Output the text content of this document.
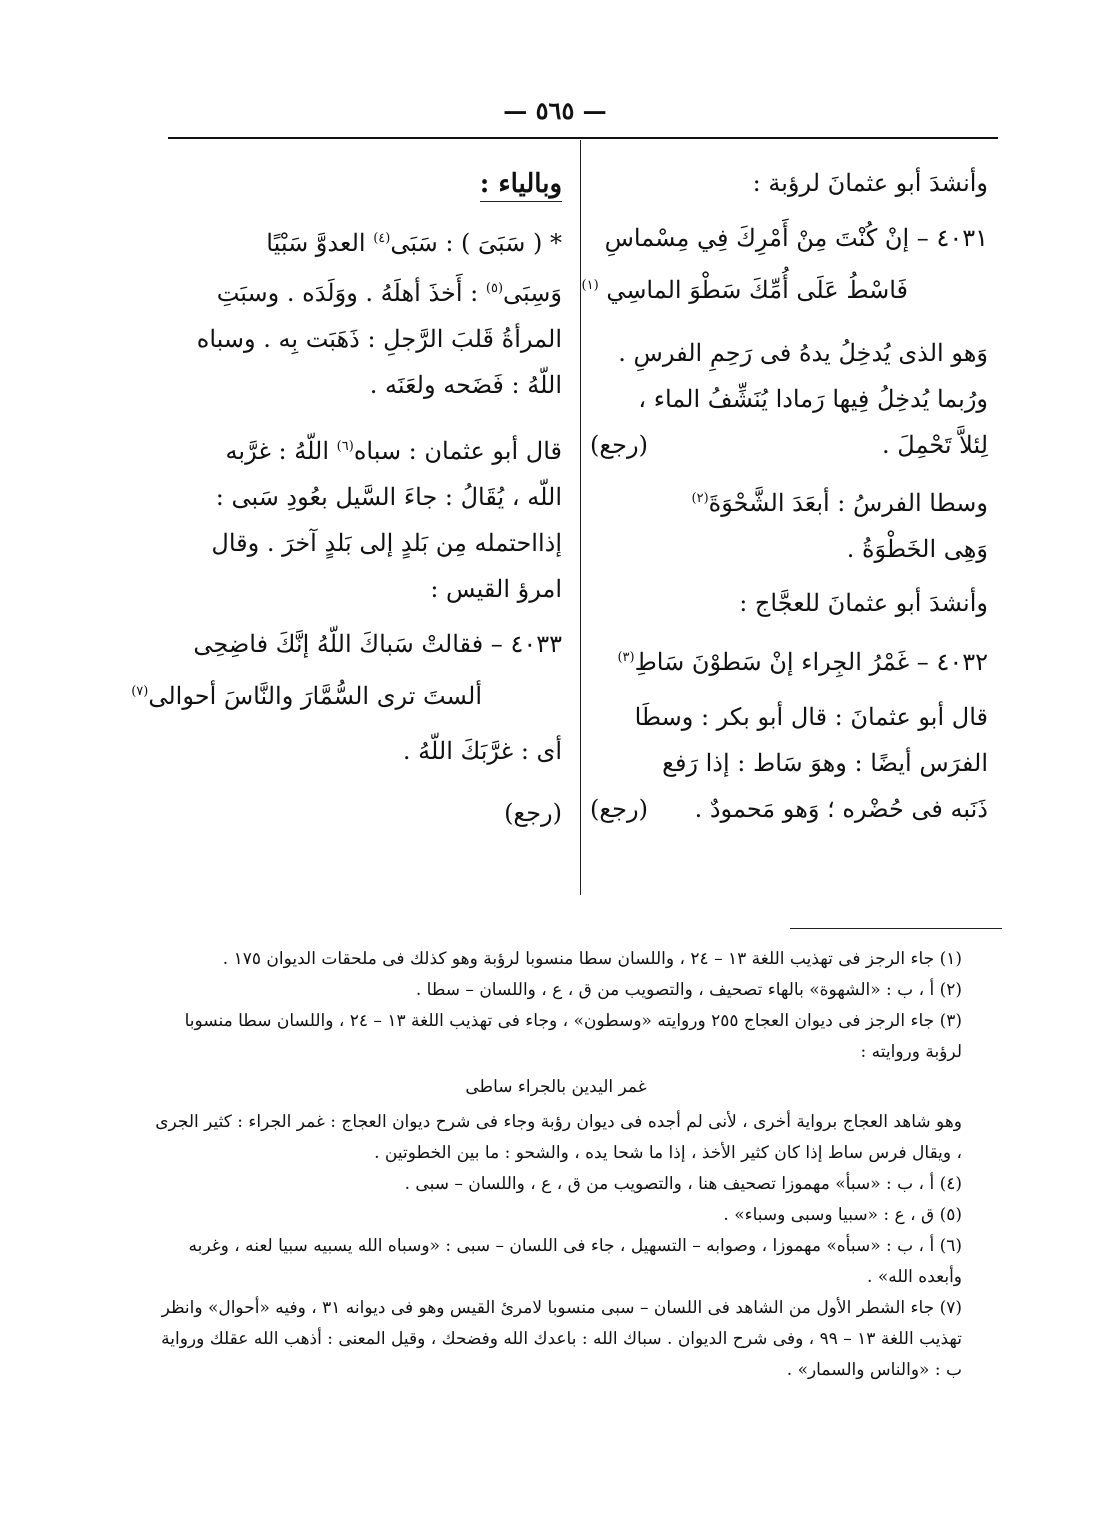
— ٥٦٥ —
وأنشدَ أبو عثمانَ لرؤبة :
٤٠٣١ – إنْ كُنْتَ مِنْ أَمْرِكَ فِي مِسْماسِ
فَاسْطُ عَلَى أُمِّكَ سَطْوَ الماسِي $^{(١)}$
وَهو الذى يُدخِلُ يدهُ فى رَحِمِ الفرسِ .
ورُبما يُدخِلُ فِيها رَمادا يُنَشِّفُ الماء ،
لِئلاَّ تَحْمِلَ .
(رجع)
وسطا الفرسُ : أبعَدَ الشَّحْوَةَ$^{(٢)}$
وَهِى الخَطْوَةُ .
وأنشدَ أبو عثمانَ للعجَّاج :
٤٠٣٢ – غَمْرُ الجِراء إنْ سَطوْنَ سَاطِ$^{(٣)}$
قال أبو عثمانَ : قال أبو بكر : وسطَا
الفرَس أيضًا : وهوَ سَاط : إذا رَفع
ذَنَبه فى حُضْره ؛ وَهو مَحمودٌ .
(رجع)
وبالياء :
* ( سَبَىَ ) : سَبَى$^{(٤)}$ العدوَّ سَبْيًا
وَسِبَى$^{(٥)}$ : أَخذَ أهلَهُ . ووَلَدَه . وسبَتِ
المرأةُ قَلبَ الرَّجلِ : ذَهَبَت بِه . وسباه
اللّهُ : فَضَحه ولعَنَه .
قال أبو عثمان : سباه$^{(٦)}$ اللّهُ : غرَّبه
اللّه ، يُقَالُ : جاءَ السَّيل بعُودِ سَبى :
إذااحتمله مِن بَلدٍ إلى بَلدٍ آخرَ . وقال
امرؤ القيس :
٤٠٣٣ – فقالتْ سَباكَ اللّهُ إنَّكَ فاضِحِى
ألستَ ترى السُّمَّارَ والنَّاسَ أحوالى$^{(٧)}$
أى : غرَّبَكَ اللّهُ .
(رجع)
(١) جاء الرجز فى تهذيب اللغة ١٣ – ٢٤ ، واللسان سطا منسوبا لرؤبة وهو كذلك فى ملحقات الديوان ١٧٥ .
(٢) أ ، ب : «الشهوة» بالهاء تصحيف ، والتصويب من ق ، ع ، واللسان – سطا .
(٣) جاء الرجز فى ديوان العجاج ٢٥٥ وروايته «وسطون» ، وجاء فى تهذيب اللغة ١٣ – ٢٤ ، واللسان سطا منسوبا لرؤبة وروايته :
غمر اليدين بالجراء ساطى
وهو شاهد العجاج برواية أخرى ، لأنى لم أجده فى ديوان رؤبة وجاء فى شرح ديوان العجاج : غمر الجراء : كثير الجرى ، ويقال فرس ساط إذا كان كثير الأخذ ، إذا ما شحا يده ، والشحو : ما بين الخطوتين .
(٤) أ ، ب : «سبأ» مهموزا تصحيف هنا ، والتصويب من ق ، ع ، واللسان – سبى .
(٥) ق ، ع : «سبيا وسبى وسباء» .
(٦) أ ، ب : «سبأه» مهموزا ، وصوابه – التسهيل ، جاء فى اللسان – سبى : «وسباه الله يسبيه سبيا لعنه ، وغربه وأبعده الله» .
(٧) جاء الشطر الأول من الشاهد فى اللسان – سبى منسوبا لامرئ القيس وهو فى ديوانه ٣١ ، وفيه «أحوال» وانظر تهذيب اللغة ١٣ – ٩٩ ، وفى شرح الديوان . سباك الله : باعدك الله وفضحك ، وقيل المعنى : أذهب الله عقلك ورواية ب : «والناس والسمار» .
